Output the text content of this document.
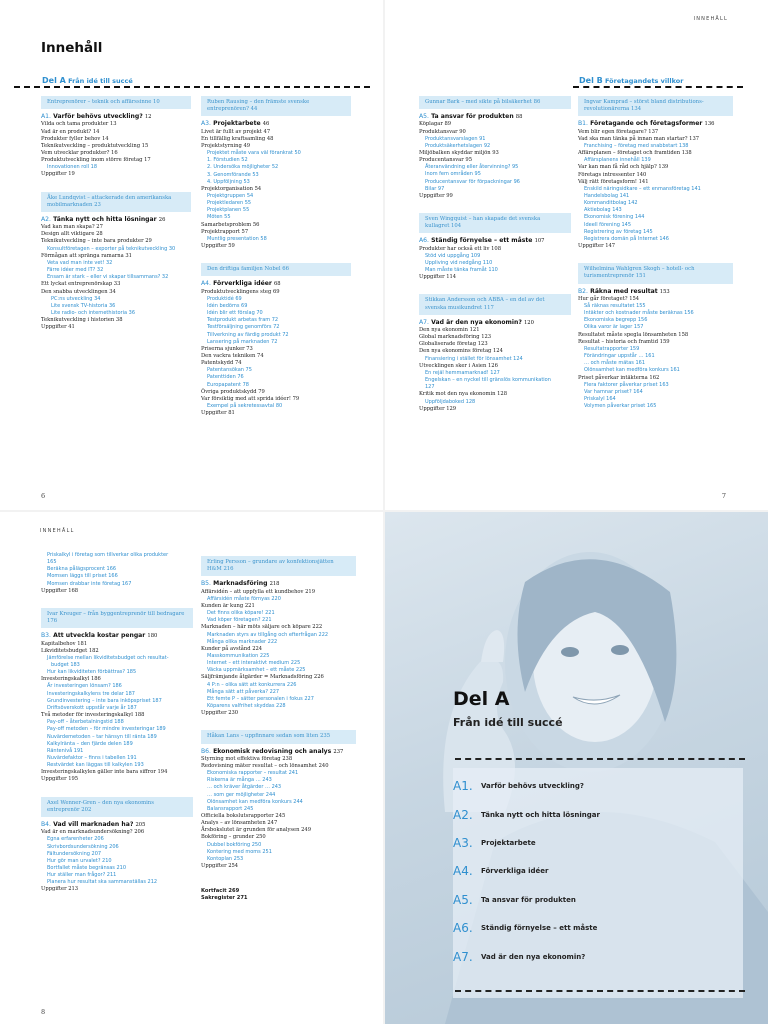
Innehåll
Del A Från idé till succé
Entreprenörer – teknik och affärssinne 10
A1. Varför behövs utveckling? 12
Vilda och tama produkter 13
Vad är en produkt? 14
Produkter fyller behov 14
Teknikutveckling – produktutveckling 15
Vem utvecklar produkter? 16
Produktutveckling inom större företag 17
Innovationen roll 18
Uppgifter 19
Åke Lundqvist – attackerade den amerikanska mobilmarknaden 23
A2. Tänka nytt och hitta lösningar 26
Vad kan man skapa? 27
Design allt viktigare 28
Teknikutveckling – inte bara produkter 29
Konsultföretagen – exporter på teknikutveckling 30
Förmågan att spränga ramarna 31
Veta vad man inte vet! 32
Färre idéer med IT? 32
Ensam är stark – eller vi skapar tillsammans? 32
Ett lyckat entreprenörskap 33
Den snabba utvecklingen 34
PC:ns utveckling 34
Lite svensk TV-historia 36
Lite radio- och internethistoria 36
Teknikutveckling i historien 38
Uppgifter 41
Ruben Rausing – den främste svenske entreprenören? 44
A3. Projektarbete 46
Livet är fullt av projekt 47
En tillfällig kraftsamling 48
Projektstyrning 49
Projektet måste vara väl förankrat 50
1. Förstudien 52
2. Undersöka möjligheter 52
3. Genomförande 53
4. Uppföljning 53
Projektorganisation 54
Projektgruppen 54
Projektledaren 55
Projektplanen 55
Möten 55
Samarbetsproblem 56
Projektrapport 57
Muntlig presentation 58
Uppgifter 59
Den driftiga familjen Nobel 66
A4. Förverkliga idéer 68
Produktutvecklingens steg 69
Produktidé 69
Idén bedöms 69
Idén blir ett förslag 70
Testprodukt arbetas fram 72
Testförsäljning genomförs 72
Tillverkning av färdig produkt 72
Lansering på marknaden 72
Priserna sjunker 73
Den vackra tekniken 74
Patentskydd 74
Patentansökan 75
Patenttiden 76
Europapatent 78
Övriga produktskydd 79
Var försiktig med att sprida idéer! 79
Exempel på sekretessavtal 80
Uppgifter 81
6
INNEHÅLL
Del B Företagandets villkor
Gunnar Bark – med sikte på bilsäkerhet 86
A5. Ta ansvar för produkten 88
Köplagar 89
Produktansvar 90
Produktansvarslagen 91
Produktsäkerhetslagen 92
Miljöbalken skyddar miljön 93
Producentansvar 95
Återanvändning eller återvinning? 95
Inom fem områden 95
Producentansvar för förpackningar 96
Bilar 97
Uppgifter 99
Sven Wingquist – han skapade det svenska kullagret 104
A6. Ständig förnyelse – ett måste 107
Produkter har också ett liv 108
Stöd vid uppgång 109
Uppliving vid nedgång 110
Man måste tänka framåt 110
Uppgifter 114
Stikkan Andersson och ABBA – en del av det svenska musikundret 117
A7. Vad är den nya ekonomin? 120
Den nya ekonomin 121
Global marknadsföring 123
Globaliserade företag 123
Den nya ekonomins företag 124
Finansiering i stället för lönsamhet 124
Utvecklingen sker i Asien 126
En rejäl hemmamarknad! 127
Engelskan – en nyckel till gränslös kommunikation
127
Kritik mot den nya ekonomin 128
Uppföljdaboked 128
Uppgifter 129
Ingvar Kamprad – störst bland distributions-revolutionärerna 134
B1. Företagande och företagsformer 136
Vem blir egen företagare? 137
Vad ska man tänka på innan man startar? 137
Franchising – företag med snabbstart 138
Affärsplanen – företaget och framtiden 138
Affärsplanens innehåll 139
Var kan man få råd och hjälp? 139
Företags intressenter 140
Välj rätt företagsform! 141
Enskild näringsidkare – ett enmansföretag 141
Handelsbolag 141
Kommanditbolag 142
Aktiebolag 143
Ekonomisk förening 144
Ideell förening 145
Registrering av företag 145
Registrera domän på Internet 146
Uppgifter 147
Wilhelmina Wahlgren Skogh – hotell- och turismentreprenör 151
B2. Räkna med resultat 153
Hur går företaget? 154
Så räknas resultatet 155
Intäkter och kostnader måste beräknas 156
Ekonomiska begrepp 156
Olika varor är lager 157
Resultatet måste spegla lönsamheten 158
Resultat – historia och framtid 159
Resultatrapporter 159
Förändringar uppstår … 161
… och måste mätas 161
Olönsamhet kan medföra konkurs 161
Priset påverkar intäkterna 162
Flera faktorer påverkar priset 163
Var hamnar priset? 164
Priskalyl 164
Volymen påverkar priset 165
7
INNEHÅLL
Priskalkyl i företag som tillverkar olika produkter
165
Beräkna pålägsprocent 166
Momsen läggs till priset 166
Momsen drabbar inte företag 167
Uppgifter 168
Ivar Kreuger – från byggentreprenör till bedragare 176
B3. Att utveckla kostar pengar 180
Kapitalbehov 181
Likviditetsbudget 182
Jämförelse mellan likviditetsbudget och resultat-
budget 183
Hur kan likviditeten förbättras? 185
Investeringskalkyl 186
Är investeringen lönsam? 186
Investeringskalkylens tre delar 187
Grundinvestering – inte bara inköpspriset 187
Driftsöverskott uppstår varje år 187
Två metoder för investeringskalkyl 188
Pay-off – återbetalningstid 188
Pay-off metoden – för mindre investeringar 189
Nuvärdemetoden – tar hänsyn till ränta 189
Kalkylränta – den fjärde delen 189
Räntenivå 191
Nuvärdefaktor – finns i tabellen 191
Restvärdet kan läggas till kalkylen 193
Investeringskalkylen gäller inte bara siffror 194
Uppgifter 195
Axel Wenner-Gren – den nya ekonomins entreprenör 202
B4. Vad vill marknaden ha? 205
Vad är en marknadsundersökning? 206
Egna erfarenheter 206
Skrivbordsundersökning 206
Fältundersökning 207
Hur gör man urvalet? 210
Bortfallet måste begränsas 210
Hur ställer man frågor? 211
Planera hur resultat ska sammanställas 212
Uppgifter 213
Erling Persson – grundare av konfektionsjätten H&M 216
B5. Marknadsföring 218
Affärsidén – att uppfylla ett kundbehov 219
Affärsidén måste förnyas 220
Kunden är kung 221
Det finns olika köpare! 221
Vad köper företagen? 221
Marknaden – här möts säljare och köpare 222
Marknaden styrs av tillgång och efterfrågan 222
Många olika marknader 222
Kunder på avstånd 224
Masskommunikation 225
Internet – ett interaktivt medium 225
Väcka uppmärksamhet – ett måste 225
Säljfrämjande åtgärder = Marknadsföring 226
4 P:n – olika sätt att konkurrera 226
Många sätt att påverka? 227
Ett femte P – sätter personalen i fokus 227
Köparens valfrihet skyddas 228
Uppgifter 230
Håkan Lans – uppfinnare sedan som liten 235
B6. Ekonomisk redovisning och analys 237
Styrning mot effektiva företag 238
Redovisning mäter resultat – och lönsamhet 240
Ekonomiska rapporter – resultat 241
Riskerna är många … 243
… och kräver åtgärder … 243
… som ger möjligheter 244
Olönsamhet kan medföra konkurs 244
Balansrapport 245
Officiella bokslutsrapporter 245
Analys – av lönsamheten 247
Årsbokslutet är grunden för analysen 249
Bokföring – grunder 250
Dubbel bokföring 250
Kontering med moms 251
Kontoplan 253
Uppgifter 254
Kortfacit 269
Sakregister 271
8
Del A
Från idé till succé
A1.	Varför behövs utveckling?
A2.	Tänka nytt och hitta lösningar
A3.	Projektarbete
A4.	Förverkliga idéer
A5.	Ta ansvar för produkten
A6.	Ständig förnyelse – ett måste
A7.	Vad är den nya ekonomin?
